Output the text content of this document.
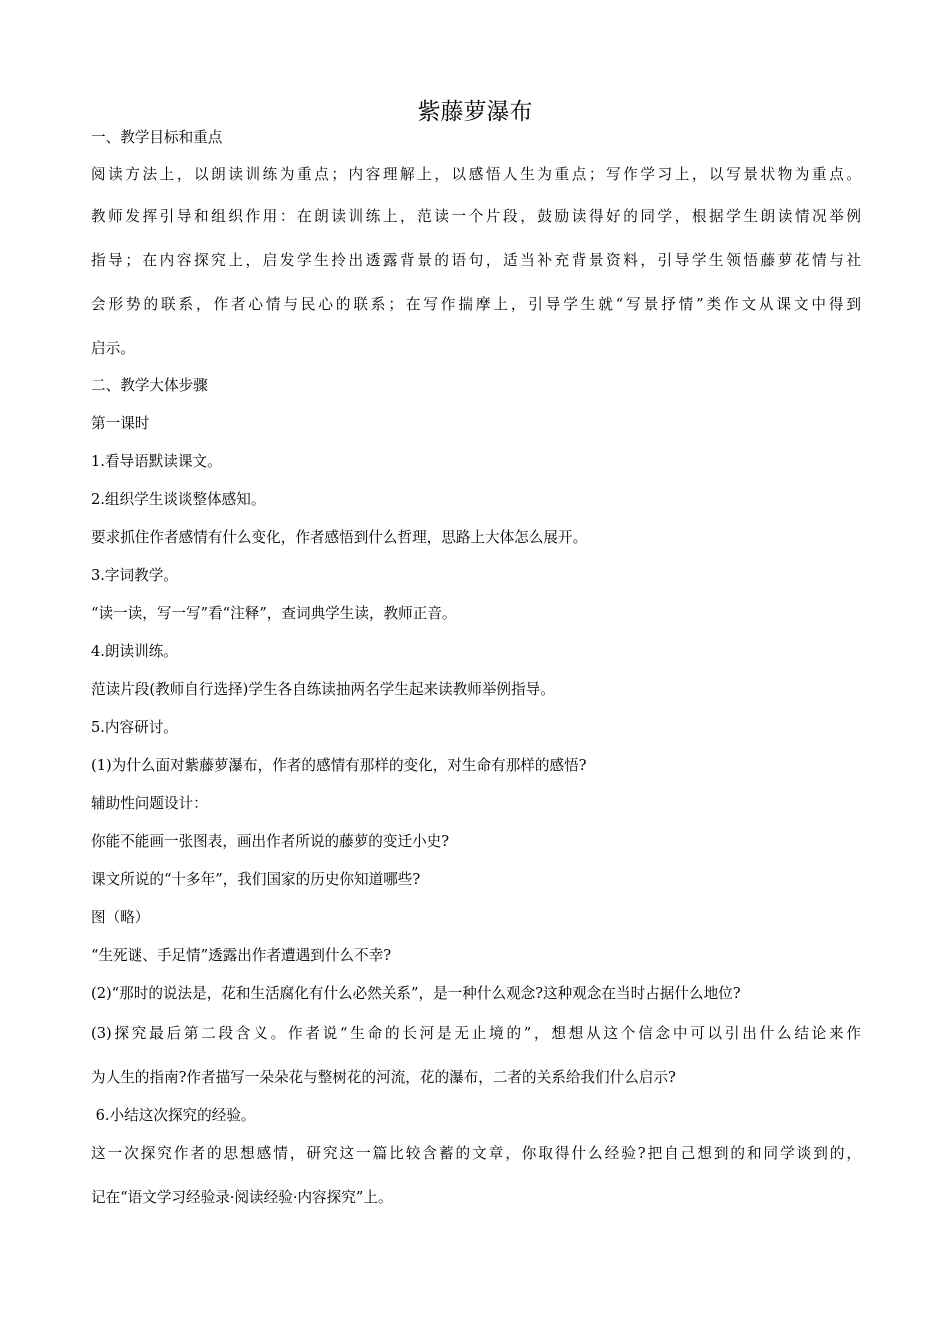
紫藤萝瀑布
一、教学目标和重点
阅读方法上，以朗读训练为重点；内容理解上，以感悟人生为重点；写作学习上，以写景状物为重点。
教师发挥引导和组织作用：在朗读训练上，范读一个片段，鼓励读得好的同学，根据学生朗读情况举例
指导；在内容探究上，启发学生拎出透露背景的语句，适当补充背景资料，引导学生领悟藤萝花情与社
会形势的联系，作者心情与民心的联系；在写作揣摩上，引导学生就“写景抒情”类作文从课文中得到
启示。
二、教学大体步骤
第一课时
1.看导语默读课文。
2.组织学生谈谈整体感知。
要求抓住作者感情有什么变化，作者感悟到什么哲理，思路上大体怎么展开。
3.字词教学。
“读一读，写一写”看“注释”，查词典学生读，教师正音。
4.朗读训练。
范读片段(教师自行选择)学生各自练读抽两名学生起来读教师举例指导。
5.内容研讨。
(1)为什么面对紫藤萝瀑布，作者的感情有那样的变化，对生命有那样的感悟?
辅助性问题设计：
你能不能画一张图表，画出作者所说的藤萝的变迁小史?
课文所说的“十多年”，我们国家的历史你知道哪些?
图（略）
“生死谜、手足情”透露出作者遭遇到什么不幸?
(2)“那时的说法是，花和生活腐化有什么必然关系”，是一种什么观念?这种观念在当时占据什么地位?
(3)探究最后第二段含义。作者说“生命的长河是无止境的”，想想从这个信念中可以引出什么结论来作
为人生的指南?作者描写一朵朵花与整树花的河流，花的瀑布，二者的关系给我们什么启示?
6.小结这次探究的经验。
这一次探究作者的思想感情，研究这一篇比较含蓄的文章，你取得什么经验?把自己想到的和同学谈到的，
记在“语文学习经验录·阅读经验·内容探究”上。
